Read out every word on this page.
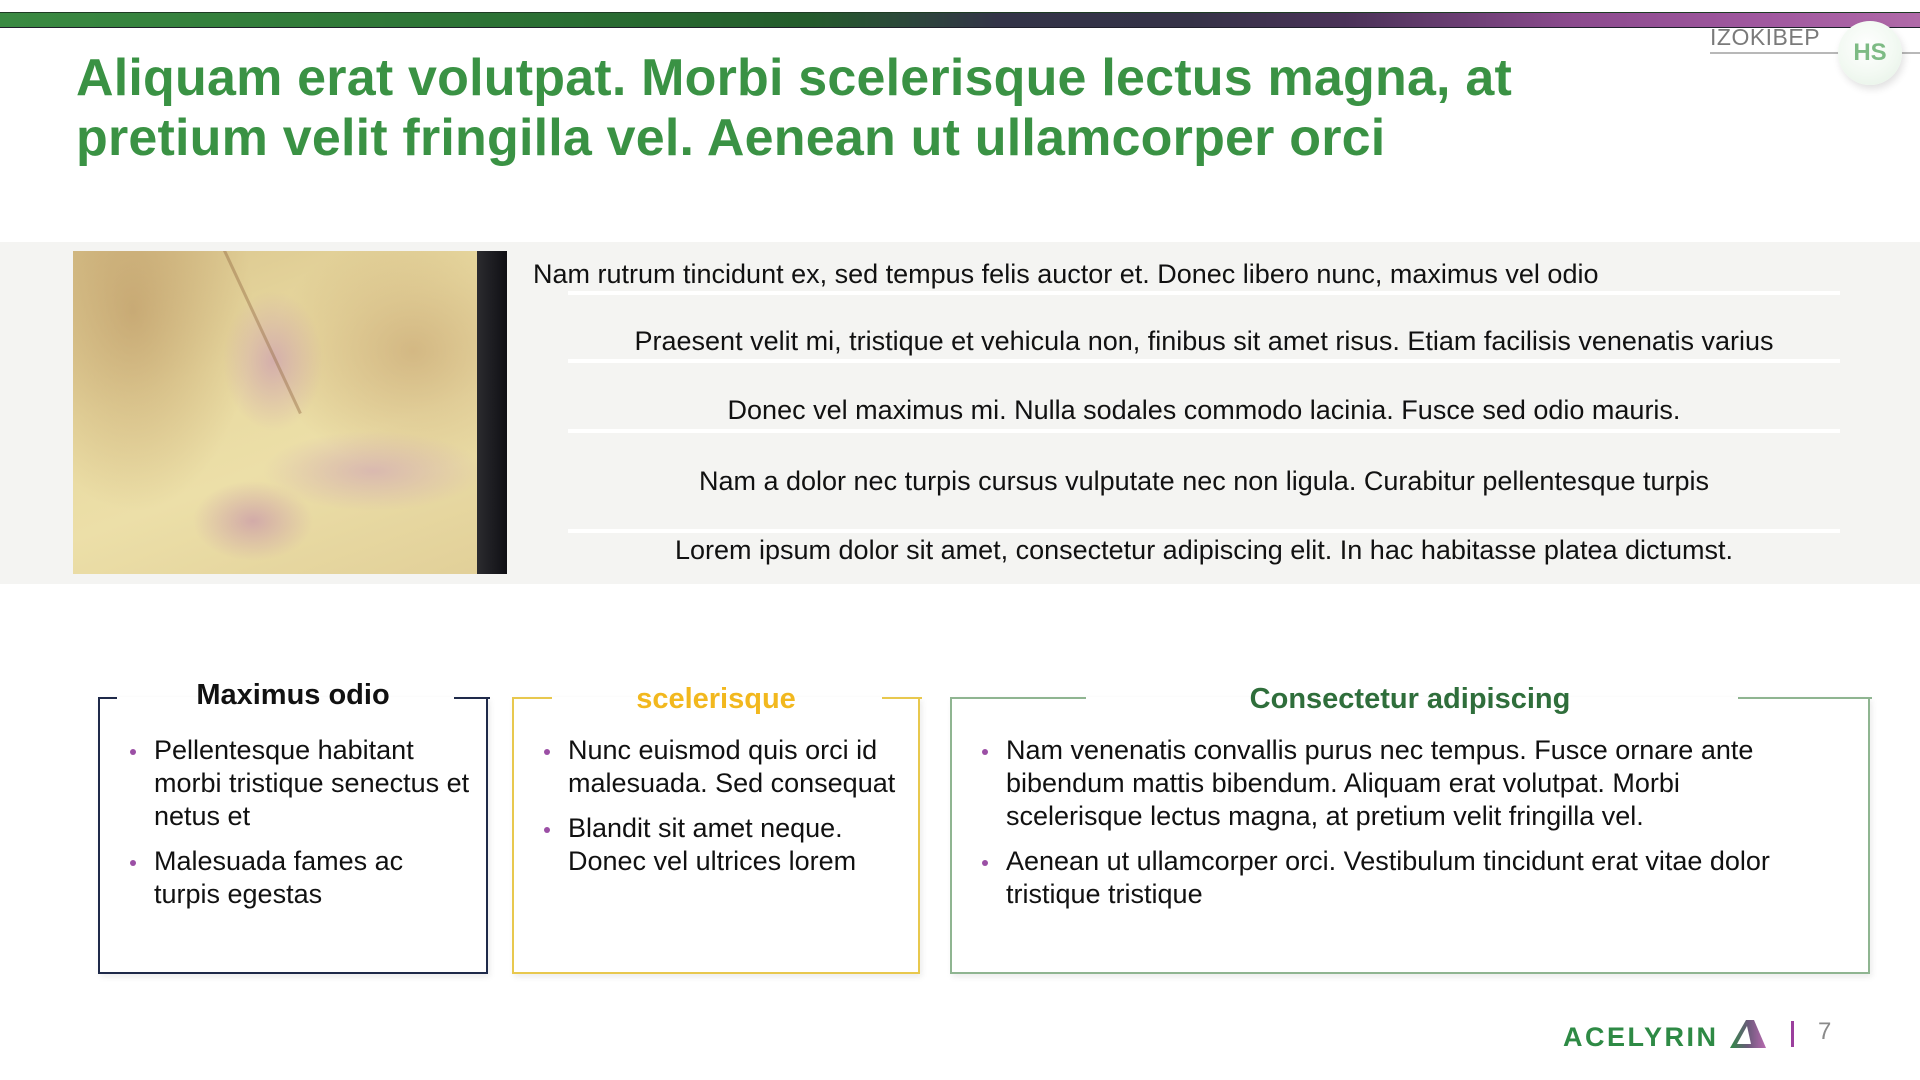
Aliquam erat volutpat. Morbi scelerisque lectus magna, at pretium velit fringilla vel. Aenean ut ullamcorper orci
IZOKIBEP
HS
Nam rutrum tincidunt ex, sed tempus felis auctor et. Donec libero nunc, maximus vel odio
Praesent velit mi, tristique et vehicula non, finibus sit amet risus. Etiam facilisis venenatis varius
Donec vel maximus mi. Nulla sodales commodo lacinia. Fusce sed odio mauris.
Nam a dolor nec turpis cursus vulputate nec non ligula. Curabitur pellentesque turpis
Lorem ipsum dolor sit amet, consectetur adipiscing elit. In hac habitasse platea dictumst.
Maximus odio
Pellentesque habitant morbi tristique senectus et netus et
Malesuada fames ac turpis egestas
scelerisque
Nunc euismod quis orci id malesuada. Sed consequat
Blandit sit amet neque. Donec vel ultrices lorem
Consectetur adipiscing
Nam venenatis convallis purus nec tempus. Fusce ornare ante bibendum mattis bibendum. Aliquam erat volutpat. Morbi scelerisque lectus magna, at pretium velit fringilla vel.
Aenean ut ullamcorper orci. Vestibulum tincidunt erat vitae dolor tristique tristique
ACELYRIN	7
